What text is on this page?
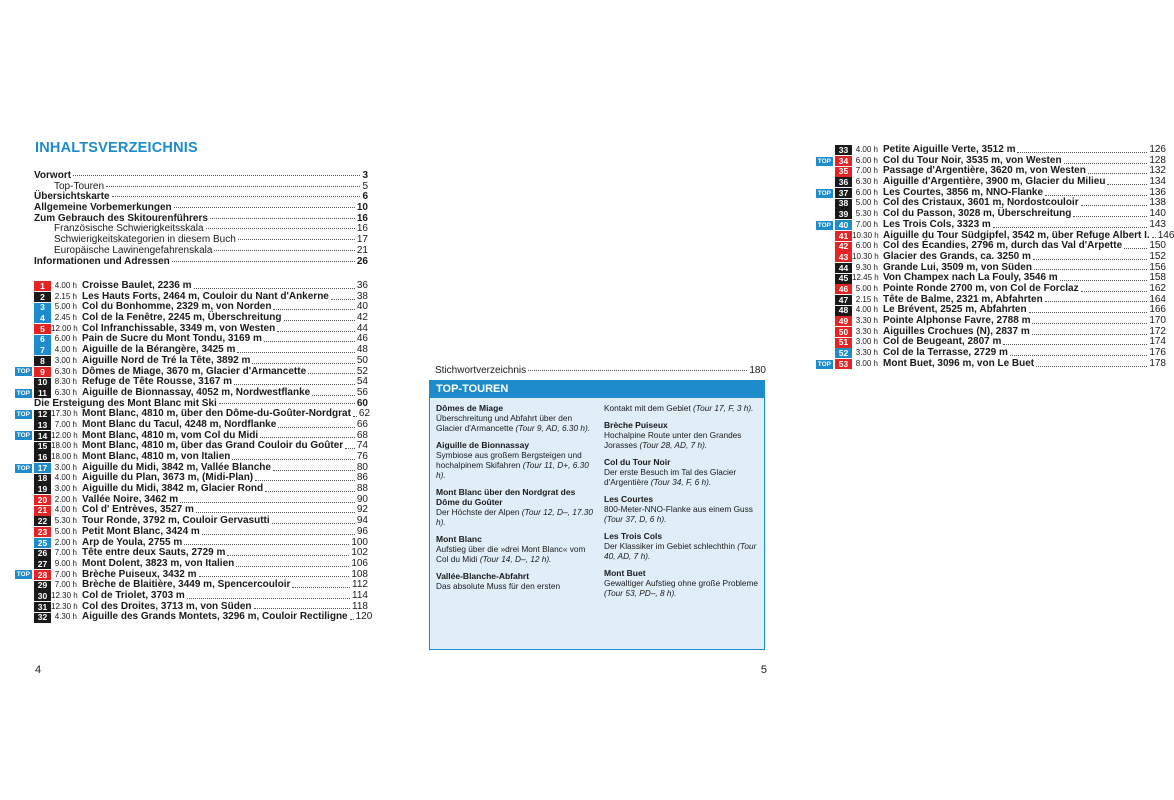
INHALTSVERZEICHNIS
Vorwort	3
Top-Touren	5
Übersichtskarte	6
Allgemeine Vorbemerkungen	10
Zum Gebrauch des Skitourenführers	16
Französische Schwierigkeitsskala	16
Schwierigkeitskategorien in diesem Buch	17
Europäische Lawinengefahrenskala	21
Informationen und Adressen	26
1	4.00 h Croisse Baulet, 2236 m	36
2	2.15 h Les Hauts Forts, 2464 m, Couloir du Nant d'Ankerne	38
3	5.00 h Col du Bonhomme, 2329 m, von Norden	40
4	2.45 h Col de la Fenêtre, 2245 m, Überschreitung	42
5 12.00 h Col Infranchissable, 3349 m, von Westen	44
6	6.00 h Pain de Sucre du Mont Tondu, 3169 m	46
7	4.00 h Aiguille de la Bérangère, 3425 m	48
8	3.00 h Aiguille Nord de Tré la Tête, 3892 m	50
TOP	9	6.30 h Dômes de Miage, 3670 m, Glacier d'Armancette	52
10 8.30 h Refuge de Tête Rousse, 3167 m	54
TOP 11 6.30 h Aiguille de Bionnassay, 4052 m, Nordwestflanke	56
Die Ersteigung des Mont Blanc mit Ski	60
TOP 12 17.30 h Mont Blanc, 4810 m, über den Dôme-du-Goûter-Nordgrat 62
13 7.00 h Mont Blanc du Tacul, 4248 m, Nordflanke	66
TOP 14 12.00 h Mont Blanc, 4810 m, vom Col du Midi	68
15 18.00 h Mont Blanc, 4810 m, über das Grand Couloir du Goûter 74
16 18.00 h Mont Blanc, 4810 m, von Italien	76
TOP 17 3.00 h Aiguille du Midi, 3842 m, Vallée Blanche	80
18 4.00 h Aiguille du Plan, 3673 m, (Midi-Plan)	86
19 3.00 h Aiguille du Midi, 3842 m, Glacier Rond	88
20 2.00 h Vallée Noire, 3462 m	90
21 4.00 h Col d' Entrèves, 3527 m	92
22 5.30 h Tour Ronde, 3792 m, Couloir Gervasutti	94
23 5.00 h Petit Mont Blanc, 3424 m	96
25 2.00 h Arp de Youla, 2755 m	100
26 7.00 h Tête entre deux Sauts, 2729 m	102
27 9.00 h Mont Dolent, 3823 m, von Italien	106
TOP 28 7.00 h Brèche Puiseux, 3432 m	108
29 7.00 h Brèche de Blaitière, 3449 m, Spencercouloir	112
30 12.30 h Col de Triolet, 3703 m	114
31 12.30 h Col des Droites, 3713 m, von Süden	118
32 4.30 h Aiguille des Grands Montets, 3296 m, Couloir Rectiligne 120
4
33 4.00 h Petite Aiguille Verte, 3512 m	126
TOP 34 6.00 h Col du Tour Noir, 3535 m, von Westen	128
35 7.00 h Passage d'Argentière, 3620 m, von Westen	132
36 6.30 h Aiguille d'Argentière, 3900 m, Glacier du Milieu	134
TOP 37 6.00 h Les Courtes, 3856 m, NNO-Flanke	136
38 5.00 h Col des Cristaux, 3601 m, Nordostcouloir	138
39 5.30 h Col du Passon, 3028 m, Überschreitung	140
TOP 40 7.00 h Les Trois Cols, 3323 m	143
41 10.30 h Aiguille du Tour Südgipfel, 3542 m, über Refuge Albert I. 146
42 6.00 h Col des Écandies, 2796 m, durch das Val d'Arpette	150
43 10.30 h Glacier des Grands, ca. 3250 m	152
44 9.30 h Grande Lui, 3509 m, von Süden	156
45 12.45 h Von Champex nach La Fouly, 3546 m	158
46 5.00 h Pointe Ronde 2700 m, von Col de Forclaz	162
47 2.15 h Tête de Balme, 2321 m, Abfahrten	164
48 4.00 h Le Brévent, 2525 m, Abfahrten	166
49 3.30 h Pointe Alphonse Favre, 2788 m	170
50 3.30 h Aiguilles Crochues (N), 2837 m	172
51 3.00 h Col de Beugeant, 2807 m	174
52 3.30 h Col de la Terrasse, 2729 m	176
TOP 53 8.00 h Mont Buet, 3096 m, von Le Buet	178
Stichwortverzeichnis	180
TOP-TOUREN
Dômes de Miage
Überschreitung und Abfahrt über den Glacier d'Armancette (Tour 9, AD, 6.30 h).
Aiguille de Bionnassay
Symbiose aus großem Bergsteigen und hochalpinem Skifahren (Tour 11, D+, 6.30 h).
Mont Blanc über den Nordgrat des Dôme du Goûter
Der Höchste der Alpen (Tour 12, D–, 17.30 h).
Mont Blanc
Aufstieg über die »drei Mont Blanc« vom Col du Midi (Tour 14, D–, 12 h).
Vallée-Blanche-Abfahrt
Das absolute Muss für den ersten
Kontakt mit dem Gebiet (Tour 17, F, 3 h).
Brèche Puiseux
Hochalpine Route unter den Grandes Jorasses (Tour 28, AD, 7 h).
Col du Tour Noir
Der erste Besuch im Tal des Glacier d'Argentière (Tour 34, F, 6 h).
Les Courtes
800-Meter-NNO-Flanke aus einem Guss (Tour 37, D, 6 h).
Les Trois Cols
Der Klassiker im Gebiet schlechthin (Tour 40, AD, 7 h).
Mont Buet
Gewaltiger Aufstieg ohne große Probleme (Tour 53, PD–, 8 h).
5
